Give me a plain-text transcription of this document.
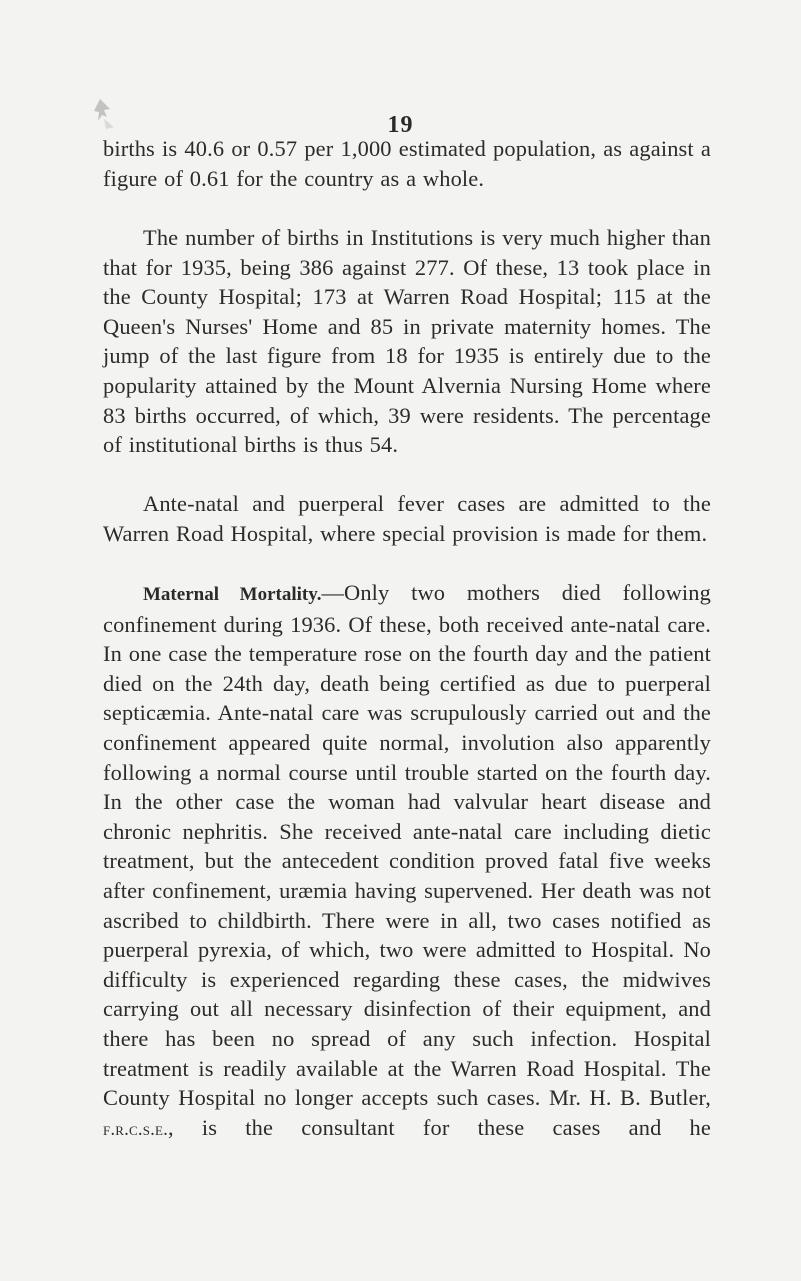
19

births is 40.6 or 0.57 per 1,000 estimated population, as against a figure of 0.61 for the country as a whole.

The number of births in Institutions is very much higher than that for 1935, being 386 against 277. Of these, 13 took place in the County Hospital; 173 at Warren Road Hospital; 115 at the Queen's Nurses' Home and 85 in private maternity homes. The jump of the last figure from 18 for 1935 is entirely due to the popularity attained by the Mount Alvernia Nursing Home where 83 births occurred, of which, 39 were residents. The percentage of institutional births is thus 54.

Ante-natal and puerperal fever cases are admitted to the Warren Road Hospital, where special provision is made for them.

Maternal Mortality.—Only two mothers died following confinement during 1936. Of these, both received ante-natal care. In one case the temperature rose on the fourth day and the patient died on the 24th day, death being certified as due to puerperal septicæmia. Ante-natal care was scrupulously carried out and the confinement appeared quite normal, involution also apparently following a normal course until trouble started on the fourth day. In the other case the woman had valvular heart disease and chronic nephritis. She received ante-natal care including dietic treatment, but the antecedent condition proved fatal five weeks after confinement, uræmia having supervened. Her death was not ascribed to childbirth. There were in all, two cases notified as puerperal pyrexia, of which, two were admitted to Hospital. No difficulty is experienced regarding these cases, the midwives carrying out all necessary disinfection of their equipment, and there has been no spread of any such infection. Hospital treatment is readily available at the Warren Road Hospital. The County Hospital no longer accepts such cases. Mr. H. B. Butler, f.r.c.s.e., is the consultant for these cases and he
